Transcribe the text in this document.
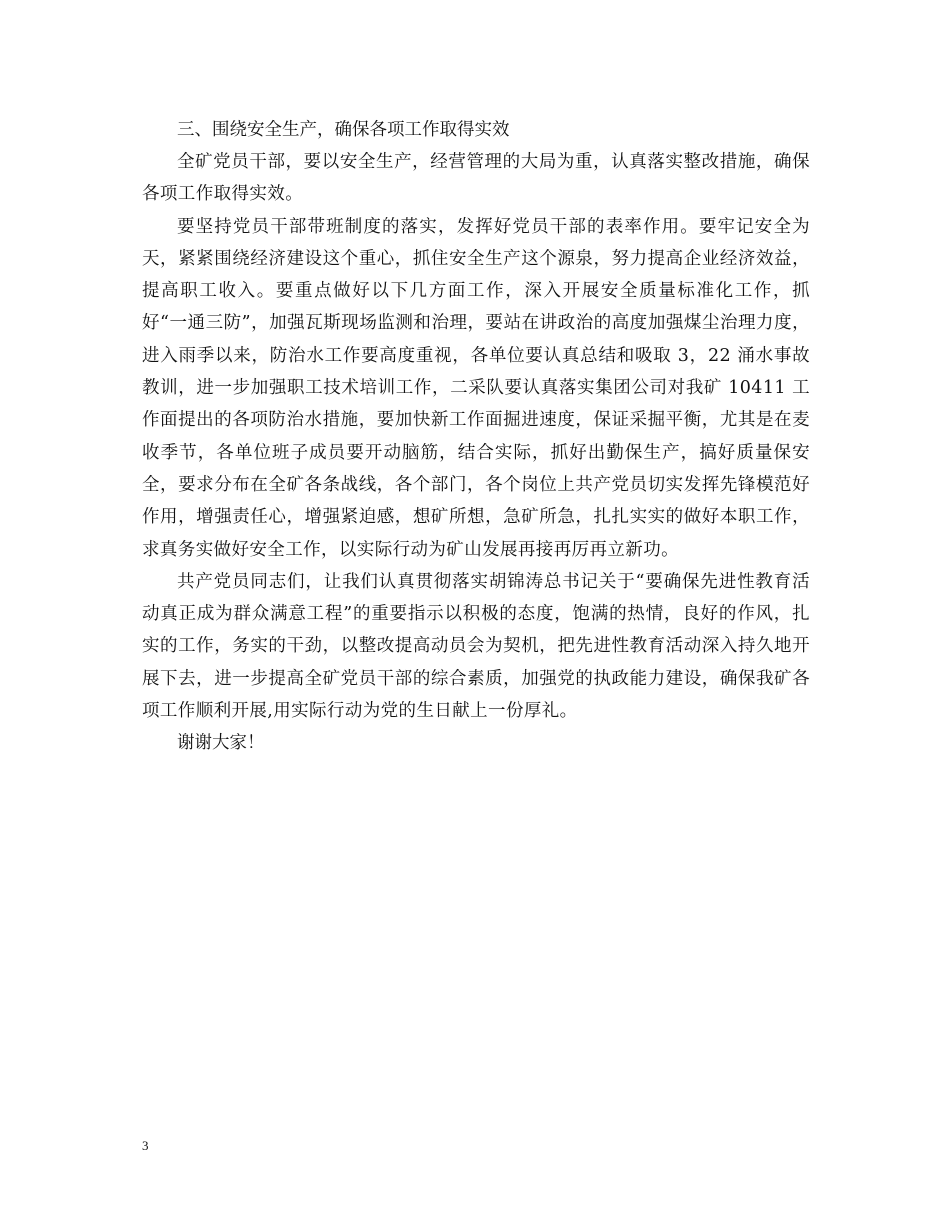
三、围绕安全生产，确保各项工作取得实效

全矿党员干部，要以安全生产，经营管理的大局为重，认真落实整改措施，确保各项工作取得实效。

要坚持党员干部带班制度的落实，发挥好党员干部的表率作用。要牢记安全为天，紧紧围绕经济建设这个重心，抓住安全生产这个源泉，努力提高企业经济效益，提高职工收入。要重点做好以下几方面工作，深入开展安全质量标准化工作，抓好“一通三防”，加强瓦斯现场监测和治理，要站在讲政治的高度加强煤尘治理力度，进入雨季以来，防治水工作要高度重视，各单位要认真总结和吸取 3，22 涌水事故教训，进一步加强职工技术培训工作，二采队要认真落实集团公司对我矿 10411 工作面提出的各项防治水措施，要加快新工作面掘进速度，保证采掘平衡，尤其是在麦收季节，各单位班子成员要开动脑筋，结合实际，抓好出勤保生产，搞好质量保安全，要求分布在全矿各条战线，各个部门，各个岗位上共产党员切实发挥先锋模范好作用，增强责任心，增强紧迫感，想矿所想，急矿所急，扎扎实实的做好本职工作，求真务实做好安全工作，以实际行动为矿山发展再接再厉再立新功。

共产党员同志们，让我们认真贯彻落实胡锦涛总书记关于“要确保先进性教育活动真正成为群众满意工程”的重要指示以积极的态度，饱满的热情，良好的作风，扎实的工作，务实的干劲，以整改提高动员会为契机，把先进性教育活动深入持久地开展下去，进一步提高全矿党员干部的综合素质，加强党的执政能力建设，确保我矿各项工作顺利开展,用实际行动为党的生日献上一份厚礼。

谢谢大家！

3
